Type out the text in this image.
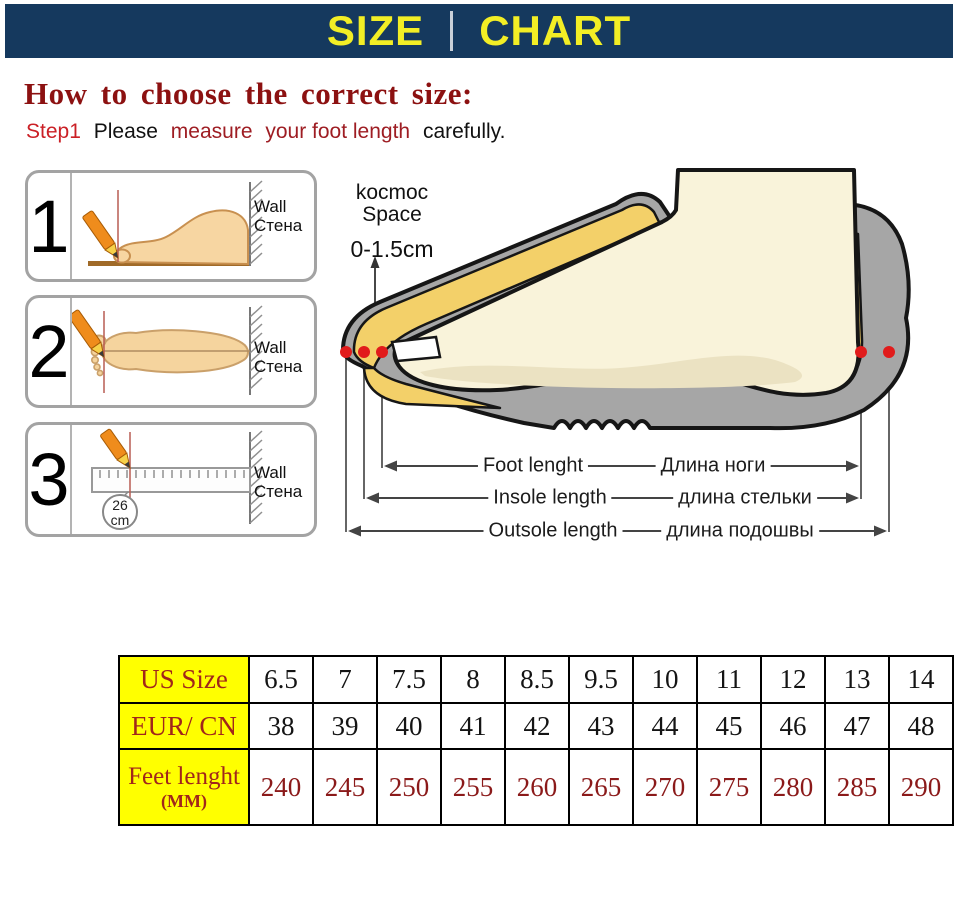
SIZE CHART
How to choose the correct size:
Step1 Please measure your foot length carefully.
1	Wall
Стена
2	Wall
Стена
3	26
cm
Wall
Стена
kocmoc
Space
0-1.5cm
Foot lenght	Длина ноги
Insole length	длина стельки
Outsole length длина подошвы
US Size	6.5	7	7.5	8	8.5	9.5	10	11	12	13	14
EUR/ CN	38	39	40	41	42	43	44	45	46	47	48

Feet lenght
(MM)	240	245	250	255	260	265	270	275	280	285	290
